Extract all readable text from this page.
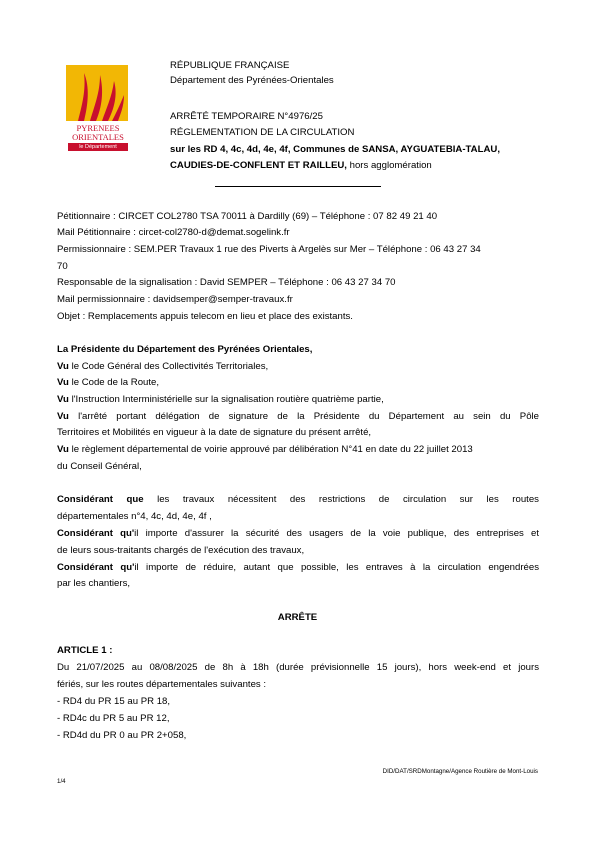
PYRENEES
ORIENTALES
le Département
RÉPUBLIQUE FRANÇAISE
Département des Pyrénées-Orientales
ARRÊTÉ TEMPORAIRE N°4976/25
RÉGLEMENTATION DE LA CIRCULATION
sur les RD 4, 4c, 4d, 4e, 4f, Communes de SANSA, AYGUATEBIA-TALAU,
CAUDIES-DE-CONFLENT ET RAILLEU, hors agglomération
Pétitionnaire : CIRCET COL2780 TSA 70011 à Dardilly (69) – Téléphone : 07 82 49 21 40
Mail Pétitionnaire : circet-col2780-d@demat.sogelink.fr
Permissionnaire : SEM.PER Travaux 1 rue des Piverts à Argelès sur Mer – Téléphone : 06 43 27 34
70
Responsable de la signalisation : David SEMPER – Téléphone : 06 43 27 34 70
Mail permissionnaire : davidsemper@semper-travaux.fr
Objet : Remplacements appuis telecom en lieu et place des existants.
La Présidente du Département des Pyrénées Orientales,
Vu le Code Général des Collectivités Territoriales,
Vu le Code de la Route,
Vu l'Instruction Interministérielle sur la signalisation routière quatrième partie,
Vu l'arrêté portant délégation de signature de la Présidente du Département au sein du Pôle
Territoires et Mobilités en vigueur à la date de signature du présent arrêté,
Vu le règlement départemental de voirie approuvé par délibération N°41 en date du 22 juillet 2013
du Conseil Général,
Considérant que les travaux nécessitent des restrictions de circulation sur les routes
départementales n°4, 4c, 4d, 4e, 4f ,
Considérant qu'il importe d'assurer la sécurité des usagers de la voie publique, des entreprises et
de leurs sous-traitants chargés de l'exécution des travaux,
Considérant qu'il importe de réduire, autant que possible, les entraves à la circulation engendrées
par les chantiers,
ARRÊTE
ARTICLE 1 :
Du 21/07/2025 au 08/08/2025 de 8h à 18h (durée prévisionnelle 15 jours), hors week-end et jours
fériés, sur les routes départementales suivantes :
- RD4 du PR 15 au PR 18,
- RD4c du PR 5 au PR 12,
- RD4d du PR 0 au PR 2+058,
DID/DAT/SRDMontagne/Agence Routière de Mont-Louis
1/4
